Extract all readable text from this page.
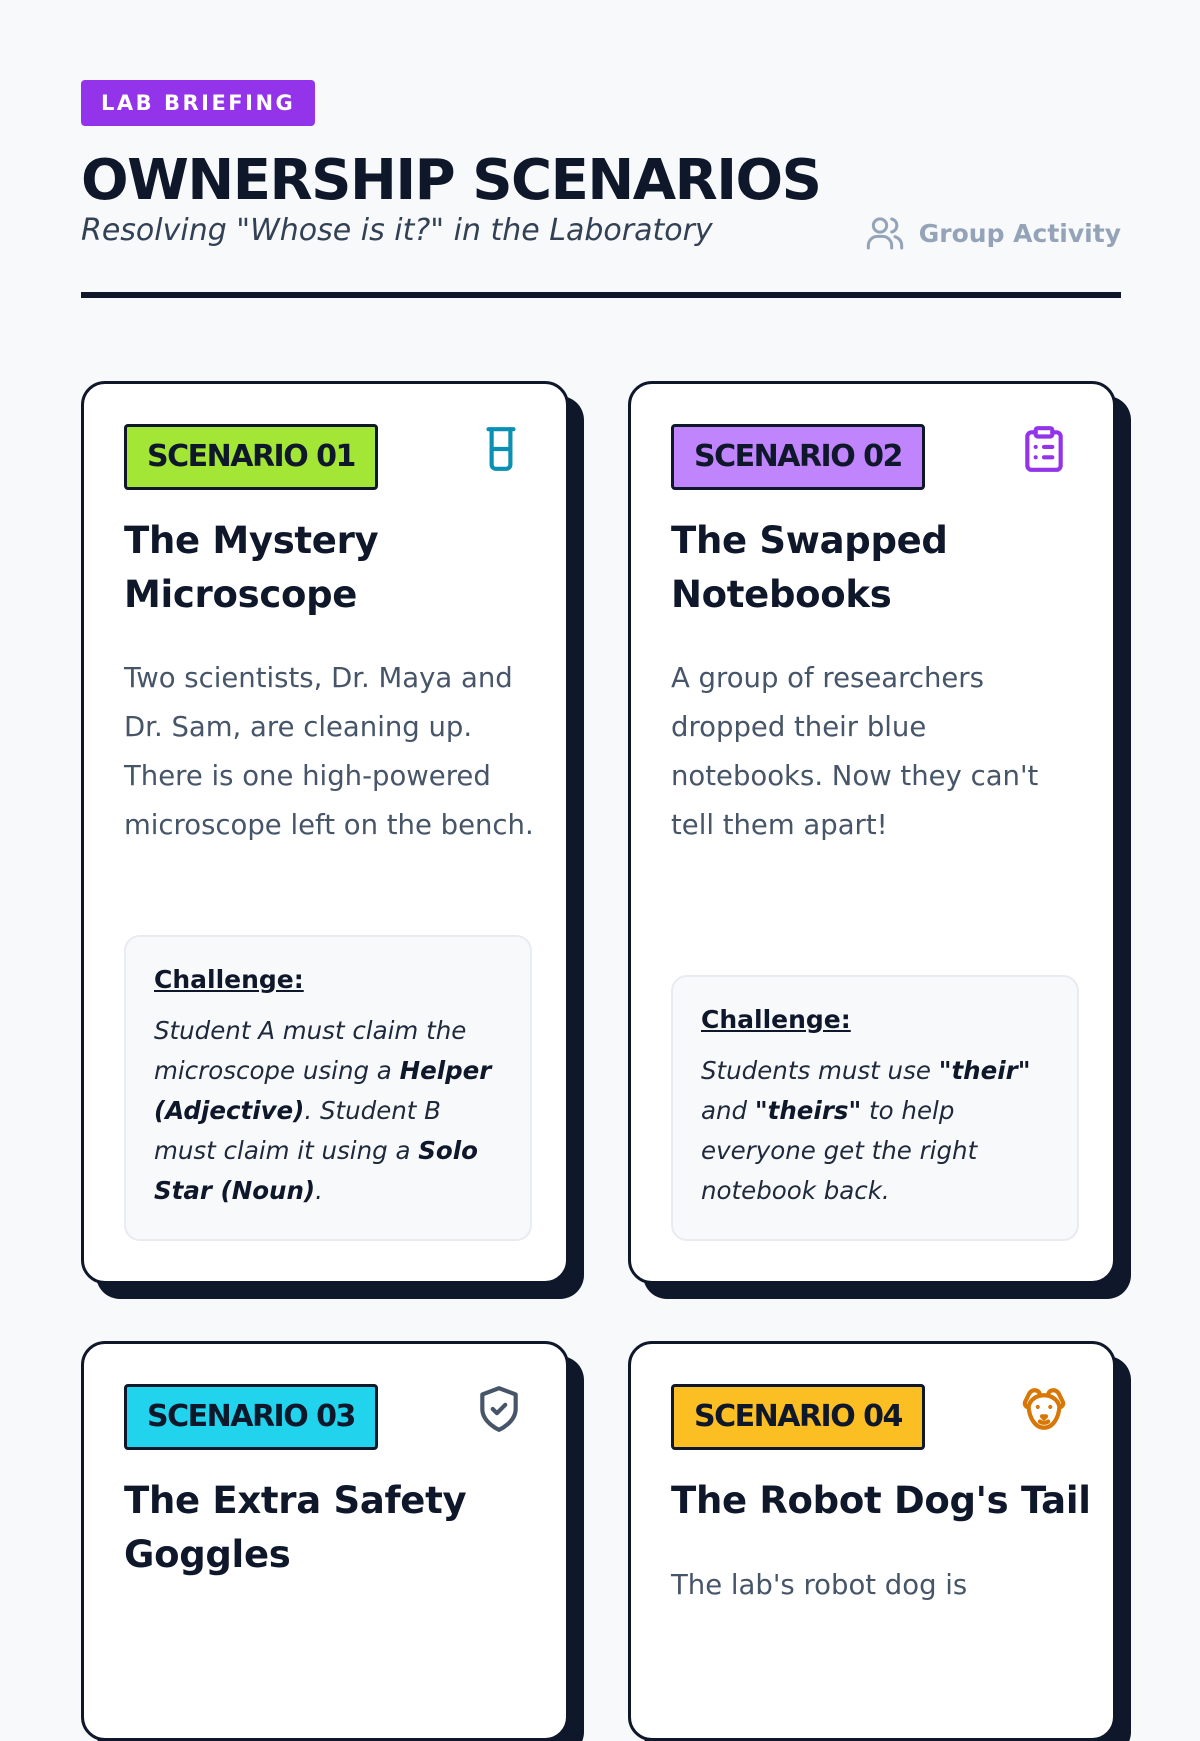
LAB BRIEFING
OWNERSHIP SCENARIOS
Resolving "Whose is it?" in the Laboratory	Group Activity
SCENARIO 01
The Mystery Microscope

Two scientists, Dr. Maya and Dr. Sam, are cleaning up. There is one high-powered microscope left on the bench.

Challenge:
Student A must claim the microscope using a Helper (Adjective). Student B must claim it using a Solo Star (Noun).
SCENARIO 02
The Swapped Notebooks

A group of researchers dropped their blue notebooks. Now they can't tell them apart!

Challenge:
Students must use "their" and "theirs" to help everyone get the right notebook back.
SCENARIO 03
The Extra Safety Goggles
SCENARIO 04
The Robot Dog's Tail

The lab's robot dog is
